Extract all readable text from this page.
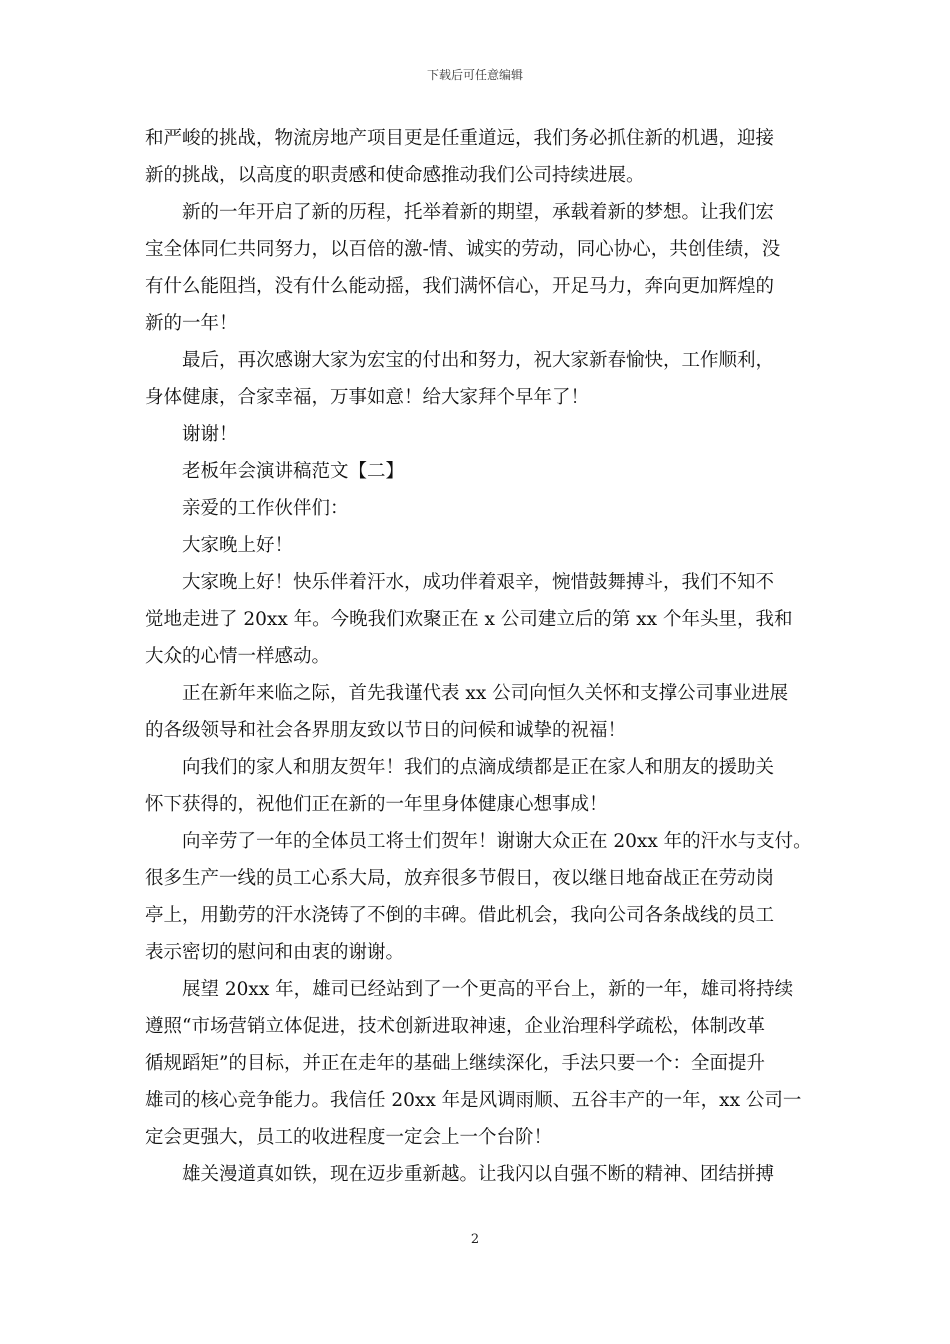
下载后可任意编辑
和严峻的挑战，物流房地产项目更是任重道远，我们务必抓住新的机遇，迎接
新的挑战，以高度的职责感和使命感推动我们公司持续进展。
新的一年开启了新的历程，托举着新的期望，承载着新的梦想。让我们宏
宝全体同仁共同努力，以百倍的激-情、诚实的劳动，同心协心，共创佳绩，没
有什么能阻挡，没有什么能动摇，我们满怀信心，开足马力，奔向更加辉煌的
新的一年！
最后，再次感谢大家为宏宝的付出和努力，祝大家新春愉快，工作顺利，
身体健康，合家幸福，万事如意！给大家拜个早年了！
谢谢！
老板年会演讲稿范文【二】
亲爱的工作伙伴们：
大家晚上好！
大家晚上好！快乐伴着汗水，成功伴着艰辛，惋惜鼓舞搏斗，我们不知不
觉地走进了 20xx 年。今晚我们欢聚正在 x 公司建立后的第 xx 个年头里，我和
大众的心情一样感动。
正在新年来临之际，首先我谨代表 xx 公司向恒久关怀和支撑公司事业进展
的各级领导和社会各界朋友致以节日的问候和诚挚的祝福！
向我们的家人和朋友贺年！我们的点滴成绩都是正在家人和朋友的援助关
怀下获得的，祝他们正在新的一年里身体健康心想事成！
向辛劳了一年的全体员工将士们贺年！谢谢大众正在 20xx 年的汗水与支付。
很多生产一线的员工心系大局，放弃很多节假日，夜以继日地奋战正在劳动岗
亭上，用勤劳的汗水浇铸了不倒的丰碑。借此机会，我向公司各条战线的员工
表示密切的慰问和由衷的谢谢。
展望 20xx 年，雄司已经站到了一个更高的平台上，新的一年，雄司将持续
遵照“市场营销立体促进，技术创新进取神速，企业治理科学疏松，体制改革
循规蹈矩”的目标，并正在走年的基础上继续深化，手法只要一个：全面提升
雄司的核心竞争能力。我信任 20xx 年是风调雨顺、五谷丰产的一年，xx 公司一
定会更强大，员工的收进程度一定会上一个台阶！
雄关漫道真如铁，现在迈步重新越。让我闪以自强不断的精神、团结拼搏
2
